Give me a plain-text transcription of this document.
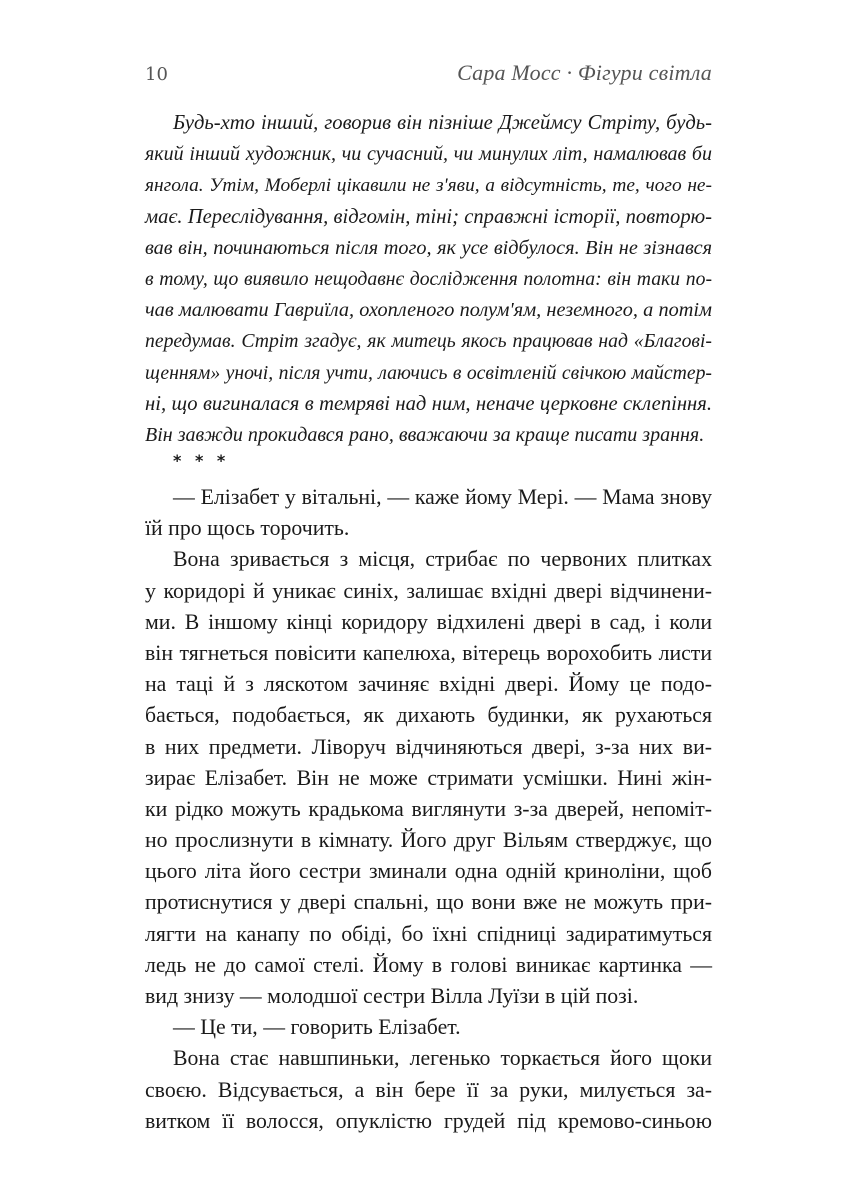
10	Сара Мосс · Фігури світла
Будь-хто інший, говорив він пізніше Джеймсу Стріту, будь-
який інший художник, чи сучасний, чи минулих літ, намалював би
янгола. Утім, Моберлі цікавили не з'яви, а відсутність, те, чого не-
має. Переслідування, відгомін, тіні; справжні історії, повторю-
вав він, починаються після того, як усе відбулося. Він не зізнався
в тому, що виявило нещодавнє дослідження полотна: він таки по-
чав малювати Гавриїла, охопленого полум'ям, неземного, а потім
передумав. Стріт згадує, як митець якось працював над «Благові-
щенням» уночі, після учти, лаючись в освітленій свічкою майстер-
ні, що вигиналася в темряві над ним, неначе церковне склепіння.
Він завжди прокидався рано, вважаючи за краще писати зрання.
* * *
— Елізабет у вітальні, — каже йому Мері. — Мама знову
їй про щось торочить.
Вона зривається з місця, стрибає по червоних плитках
у коридорі й уникає синіх, залишає вхідні двері відчинени-
ми. В іншому кінці коридору відхилені двері в сад, і коли
він тягнеться повісити капелюха, вітерець ворохобить листи
на таці й з ляскотом зачиняє вхідні двері. Йому це подо-
бається, подобається, як дихають будинки, як рухаються
в них предмети. Ліворуч відчиняються двері, з-за них ви-
зирає Елізабет. Він не може стримати усмішки. Нині жін-
ки рідко можуть крадькома виглянути з-за дверей, непоміт-
но прослизнути в кімнату. Його друг Вільям стверджує, що
цього літа його сестри зминали одна одній криноліни, щоб
протиснутися у двері спальні, що вони вже не можуть при-
лягти на канапу по обіді, бо їхні спідниці задиратимуться
ледь не до самої стелі. Йому в голові виникає картинка —
вид знизу — молодшої сестри Вілла Луїзи в цій позі.
— Це ти, — говорить Елізабет.
Вона стає навшпиньки, легенько торкається його щоки
своєю. Відсувається, а він бере її за руки, милується за-
витком її волосся, опуклістю грудей під кремово-синьою
